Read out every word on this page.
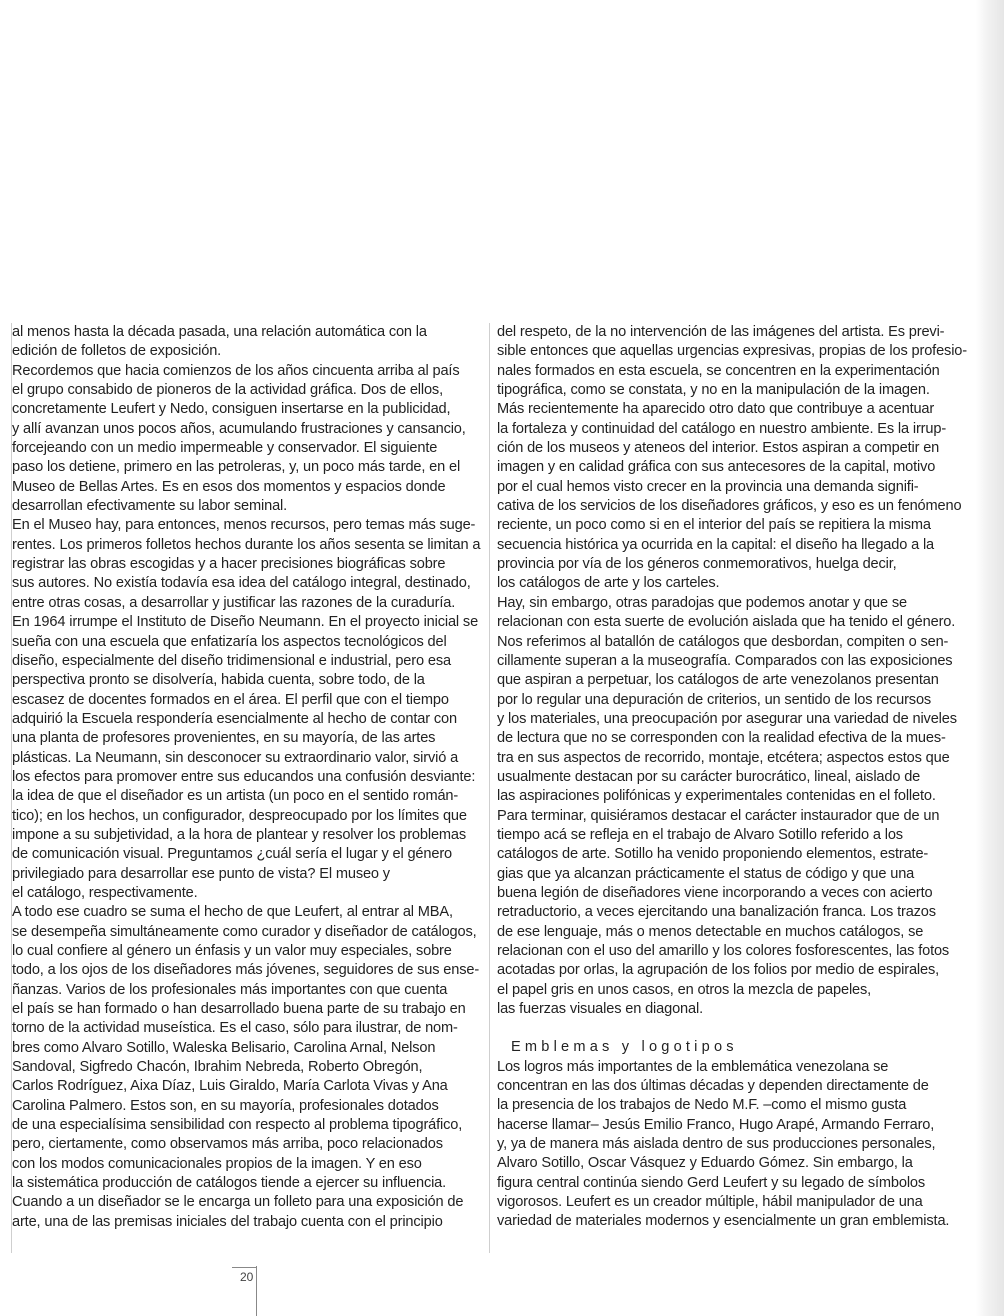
al menos hasta la década pasada, una relación automática con la
edición de folletos de exposición.
Recordemos que hacia comienzos de los años cincuenta arriba al país
el grupo consabido de pioneros de la actividad gráfica. Dos de ellos,
concretamente Leufert y Nedo, consiguen insertarse en la publicidad,
y allí avanzan unos pocos años, acumulando frustraciones y cansancio,
forcejeando con un medio impermeable y conservador. El siguiente
paso los detiene, primero en las petroleras, y, un poco más tarde, en el
Museo de Bellas Artes. Es en esos dos momentos y espacios donde
desarrollan efectivamente su labor seminal.
En el Museo hay, para entonces, menos recursos, pero temas más suge-
rentes. Los primeros folletos hechos durante los años sesenta se limitan a
registrar las obras escogidas y a hacer precisiones biográficas sobre
sus autores. No existía todavía esa idea del catálogo integral, destinado,
entre otras cosas, a desarrollar y justificar las razones de la curaduría.
En 1964 irrumpe el Instituto de Diseño Neumann. En el proyecto inicial se
sueña con una escuela que enfatizaría los aspectos tecnológicos del
diseño, especialmente del diseño tridimensional e industrial, pero esa
perspectiva pronto se disolvería, habida cuenta, sobre todo, de la
escasez de docentes formados en el área. El perfil que con el tiempo
adquirió la Escuela respondería esencialmente al hecho de contar con
una planta de profesores provenientes, en su mayoría, de las artes
plásticas. La Neumann, sin desconocer su extraordinario valor, sirvió a
los efectos para promover entre sus educandos una confusión desviante:
la idea de que el diseñador es un artista (un poco en el sentido román-
tico); en los hechos, un configurador, despreocupado por los límites que
impone a su subjetividad, a la hora de plantear y resolver los problemas
de comunicación visual. Preguntamos ¿cuál sería el lugar y el género
privilegiado para desarrollar ese punto de vista? El museo y
el catálogo, respectivamente.
A todo ese cuadro se suma el hecho de que Leufert, al entrar al MBA,
se desempeña simultáneamente como curador y diseñador de catálogos,
lo cual confiere al género un énfasis y un valor muy especiales, sobre
todo, a los ojos de los diseñadores más jóvenes, seguidores de sus ense-
ñanzas. Varios de los profesionales más importantes con que cuenta
el país se han formado o han desarrollado buena parte de su trabajo en
torno de la actividad museística. Es el caso, sólo para ilustrar, de nom-
bres como Alvaro Sotillo, Waleska Belisario, Carolina Arnal, Nelson
Sandoval, Sigfredo Chacón, Ibrahim Nebreda, Roberto Obregón,
Carlos Rodríguez, Aixa Díaz, Luis Giraldo, María Carlota Vivas y Ana
Carolina Palmero. Estos son, en su mayoría, profesionales dotados
de una especialísima sensibilidad con respecto al problema tipográfico,
pero, ciertamente, como observamos más arriba, poco relacionados
con los modos comunicacionales propios de la imagen. Y en eso
la sistemática producción de catálogos tiende a ejercer su influencia.
Cuando a un diseñador se le encarga un folleto para una exposición de
arte, una de las premisas iniciales del trabajo cuenta con el principio
del respeto, de la no intervención de las imágenes del artista. Es previ-
sible entonces que aquellas urgencias expresivas, propias de los profesio-
nales formados en esta escuela, se concentren en la experimentación
tipográfica, como se constata, y no en la manipulación de la imagen.
Más recientemente ha aparecido otro dato que contribuye a acentuar
la fortaleza y continuidad del catálogo en nuestro ambiente. Es la irrup-
ción de los museos y ateneos del interior. Estos aspiran a competir en
imagen y en calidad gráfica con sus antecesores de la capital, motivo
por el cual hemos visto crecer en la provincia una demanda signifi-
cativa de los servicios de los diseñadores gráficos, y eso es un fenómeno
reciente, un poco como si en el interior del país se repitiera la misma
secuencia histórica ya ocurrida en la capital: el diseño ha llegado a la
provincia por vía de los géneros conmemorativos, huelga decir,
los catálogos de arte y los carteles.
Hay, sin embargo, otras paradojas que podemos anotar y que se
relacionan con esta suerte de evolución aislada que ha tenido el género.
Nos referimos al batallón de catálogos que desbordan, compiten o sen-
cillamente superan a la museografía. Comparados con las exposiciones
que aspiran a perpetuar, los catálogos de arte venezolanos presentan
por lo regular una depuración de criterios, un sentido de los recursos
y los materiales, una preocupación por asegurar una variedad de niveles
de lectura que no se corresponden con la realidad efectiva de la mues-
tra en sus aspectos de recorrido, montaje, etcétera; aspectos estos que
usualmente destacan por su carácter burocrático, lineal, aislado de
las aspiraciones polifónicas y experimentales contenidas en el folleto.
Para terminar, quisiéramos destacar el carácter instaurador que de un
tiempo acá se refleja en el trabajo de Alvaro Sotillo referido a los
catálogos de arte. Sotillo ha venido proponiendo elementos, estrate-
gias que ya alcanzan prácticamente el status de código y que una
buena legión de diseñadores viene incorporando a veces con acierto
retraductorio, a veces ejercitando una banalización franca. Los trazos
de ese lenguaje, más o menos detectable en muchos catálogos, se
relacionan con el uso del amarillo y los colores fosforescentes, las fotos
acotadas por orlas, la agrupación de los folios por medio de espirales,
el papel gris en unos casos, en otros la mezcla de papeles,
las fuerzas visuales en diagonal.
Emblemas y logotipos
Los logros más importantes de la emblemática venezolana se
concentran en las dos últimas décadas y dependen directamente de
la presencia de los trabajos de Nedo M.F. –como el mismo gusta
hacerse llamar– Jesús Emilio Franco, Hugo Arapé, Armando Ferraro,
y, ya de manera más aislada dentro de sus producciones personales,
Alvaro Sotillo, Oscar Vásquez y Eduardo Gómez. Sin embargo, la
figura central continúa siendo Gerd Leufert y su legado de símbolos
vigorosos. Leufert es un creador múltiple, hábil manipulador de una
variedad de materiales modernos y esencialmente un gran emblemista.
20
